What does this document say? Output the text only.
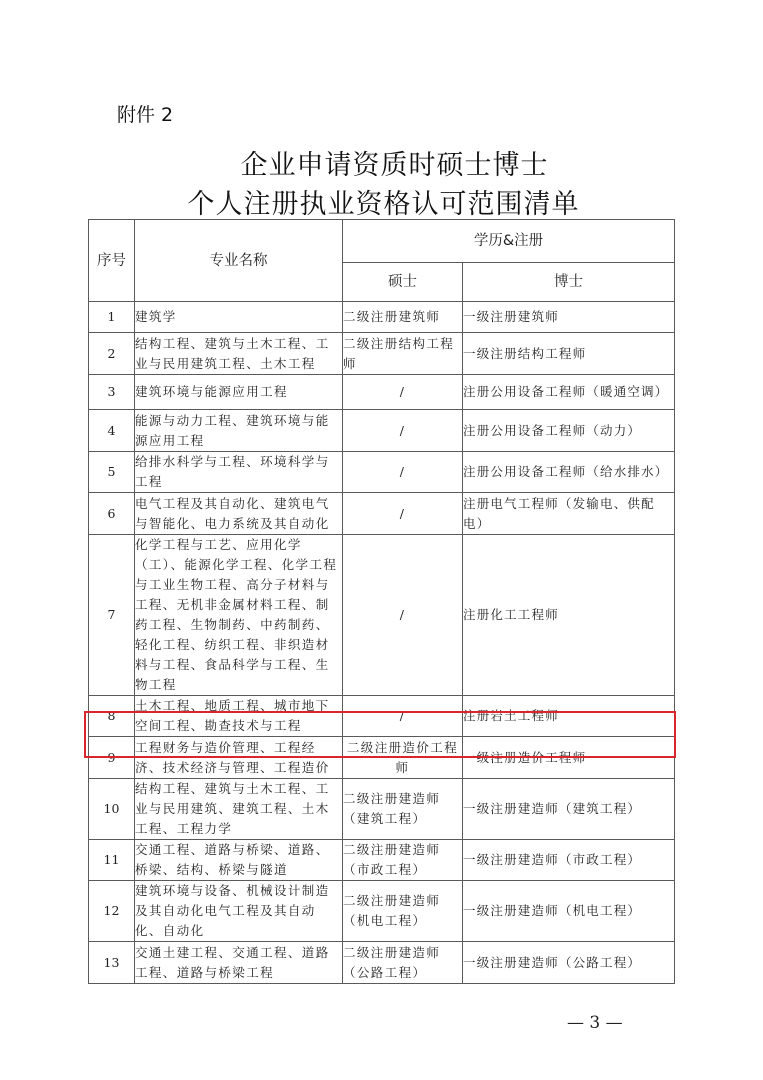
附件 2
企业申请资质时硕士博士
个人注册执业资格认可范围清单
序号	专业名称	学历&注册	
		硕士	博士
1	建筑学	二级注册建筑师	一级注册建筑师
2	结构工程、建筑与土木工程、工业与民用建筑工程、土木工程	二级注册结构工程师	一级注册结构工程师
3	建筑环境与能源应用工程	/	注册公用设备工程师（暖通空调）
4	能源与动力工程、建筑环境与能源应用工程	/	注册公用设备工程师（动力）
5	给排水科学与工程、环境科学与工程	/	注册公用设备工程师（给水排水）
6	电气工程及其自动化、建筑电气与智能化、电力系统及其自动化	/	注册电气工程师（发输电、供配电）
7	化学工程与工艺、应用化学（工）、能源化学工程、化学工程与工业生物工程、高分子材料与工程、无机非金属材料工程、制药工程、生物制药、中药制药、轻化工程、纺织工程、非织造材料与工程、食品科学与工程、生物工程	/	注册化工工程师
8	土木工程、地质工程、城市地下空间工程、勘查技术与工程	/	注册岩土工程师
9	工程财务与造价管理、工程经济、技术经济与管理、工程造价	二级注册造价工程师	一级注册造价工程师
10	结构工程、建筑与土木工程、工业与民用建筑、建筑工程、土木工程、工程力学	二级注册建造师（建筑工程）	一级注册建造师（建筑工程）
11	交通工程、道路与桥梁、道路、桥梁、结构、桥梁与隧道	二级注册建造师（市政工程）	一级注册建造师（市政工程）
12	建筑环境与设备、机械设计制造及其自动化电气工程及其自动化、自动化	二级注册建造师（机电工程）	一级注册建造师（机电工程）
13	交通土建工程、交通工程、道路工程、道路与桥梁工程	二级注册建造师（公路工程）	一级注册建造师（公路工程）
— 3 —
